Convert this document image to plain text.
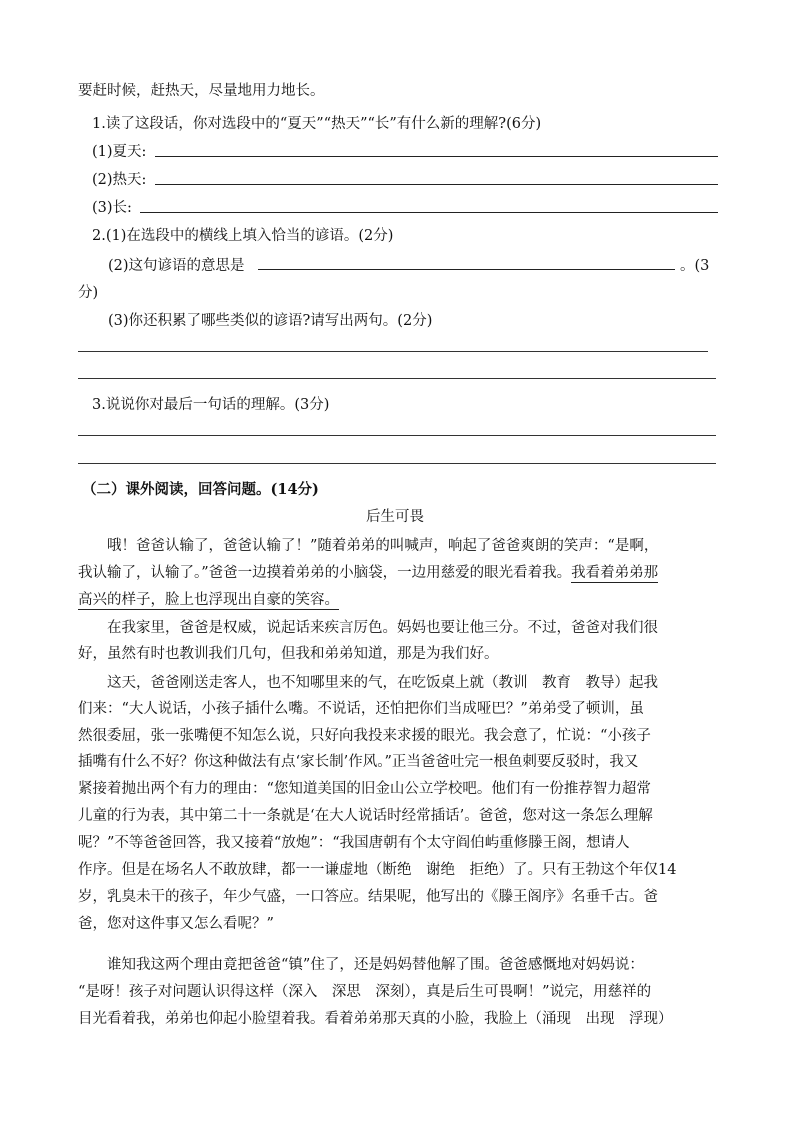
要赶时候，赶热天，尽量地用力地长。
1.读了这段话，你对选段中的“夏天”“热天”“长”有什么新的理解?(6分)
(1)夏天:
(2)热天:
(3)长:
2.(1)在选段中的横线上填入恰当的谚语。(2分)
(2)这句谚语的意思是	。(3
分)
(3)你还积累了哪些类似的谚语?请写出两句。(2分)
3.说说你对最后一句话的理解。(3分)
（二）课外阅读，回答问题。(14分)
后生可畏
哦！爸爸认输了，爸爸认输了！”随着弟弟的叫喊声，响起了爸爸爽朗的笑声：“是啊，
我认输了，认输了。”爸爸一边摸着弟弟的小脑袋，一边用慈爱的眼光看着我。我看着弟弟那
高兴的样子，脸上也浮现出自豪的笑容。
在我家里，爸爸是权威，说起话来疾言厉色。妈妈也要让他三分。不过，爸爸对我们很
好，虽然有时也教训我们几句，但我和弟弟知道，那是为我们好。
这天，爸爸刚送走客人，也不知哪里来的气，在吃饭桌上就（教训　教育　教导）起我
们来：“大人说话，小孩子插什么嘴。不说话，还怕把你们当成哑巴？”弟弟受了顿训，虽
然很委屈，张一张嘴便不知怎么说，只好向我投来求援的眼光。我会意了，忙说：“小孩子
插嘴有什么不好？你这种做法有点‘家长制’作风。”正当爸爸吐完一根鱼刺要反驳时，我又
紧接着抛出两个有力的理由：“您知道美国的旧金山公立学校吧。他们有一份推荐智力超常
儿童的行为表，其中第二十一条就是‘在大人说话时经常插话’。爸爸，您对这一条怎么理解
呢？”不等爸爸回答，我又接着“放炮”：“我国唐朝有个太守阎伯屿重修滕王阁，想请人
作序。但是在场名人不敢放肆，都一一谦虚地（断绝　谢绝　拒绝）了。只有王勃这个年仅14
岁，乳臭未干的孩子，年少气盛，一口答应。结果呢，他写出的《滕王阁序》名垂千古。爸
爸，您对这件事又怎么看呢？”
谁知我这两个理由竟把爸爸“镇”住了，还是妈妈替他解了围。爸爸感慨地对妈妈说：
“是呀！孩子对问题认识得这样（深入　深思　深刻），真是后生可畏啊！”说完，用慈祥的
目光看着我，弟弟也仰起小脸望着我。看着弟弟那天真的小脸，我脸上（涌现　出现　浮现）
